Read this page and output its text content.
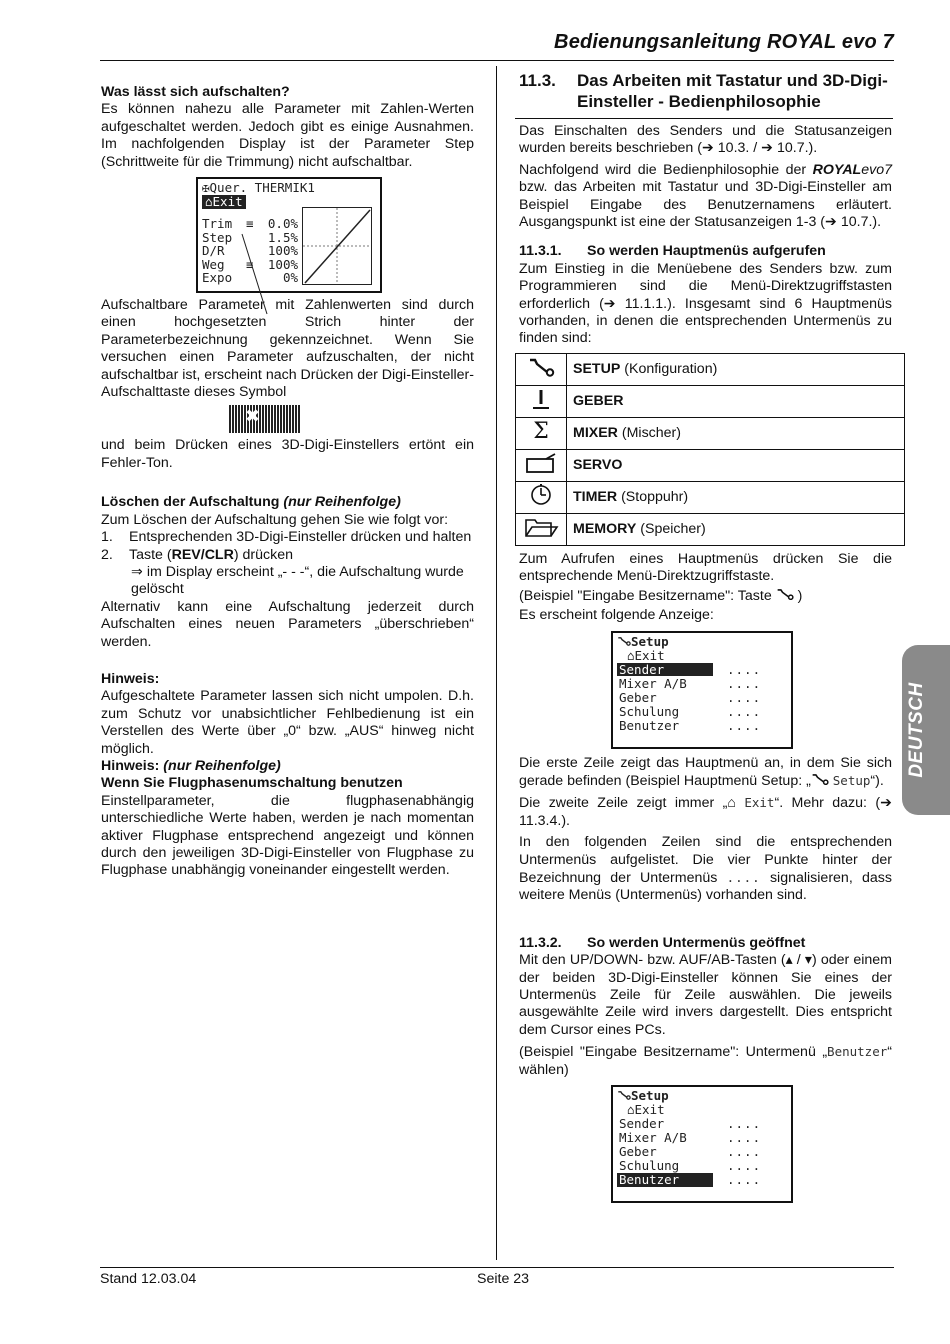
Bedienungsanleitung ROYAL evo 7
Stand 12.03.04	Seite 23
DEUTSCH

Was lässt sich aufschalten?

Es können nahezu alle Parameter mit Zahlen-Werten aufgeschaltet werden. Jedoch gibt es einige Ausnahmen. Im nachfolgenden Display ist der Parameter Step (Schrittweite für die Trimmung) nicht aufschaltbar.

✠Quer. THERMIK1
⌂Exit
Trim	≡	0.0%
Step	1.5%
D/R	100%
Weg	≡	100%
Expo	0%

Aufschaltbare Parameter mit Zahlenwerten sind durch einen hochgesetzten Strich hinter der Parameterbezeichnung gekennzeichnet. Wenn Sie versuchen einen Parameter aufzuschalten, der nicht aufschaltbar ist, erscheint nach Drücken der Digi-Einsteller-Aufschalttaste dieses Symbol

✖

und beim Drücken eines 3D-Digi-Einstellers ertönt ein Fehler-Ton.

Löschen der Aufschaltung (nur Reihenfolge)

Zum Löschen der Aufschaltung gehen Sie wie folgt vor:

1.	Entsprechenden 3D-Digi-Einsteller drücken und halten
2.	Taste (REV/CLR) drücken

⇒ im Display erscheint „- - -“, die Aufschaltung wurde gelöscht

Alternativ kann eine Aufschaltung jederzeit durch Aufschalten eines neuen Parameters „überschrieben“ werden.

Hinweis:

Aufgeschaltete Parameter lassen sich nicht umpolen. D.h. zum Schutz vor unabsichtlicher Fehlbedienung ist ein Verstellen des Werte über „0“ bzw. „AUS“ hinweg nicht möglich.

Hinweis: (nur Reihenfolge)

Wenn Sie Flugphasenumschaltung benutzen

Einstellparameter, die flugphasenabhängig unterschiedliche Werte haben, werden je nach momentan aktiver Flugphase entsprechend angezeigt und können durch den jeweiligen 3D-Digi-Einsteller von Flugphase zu Flugphase unabhängig voneinander eingestellt werden.

11.3.	Das Arbeiten mit Tastatur und 3D-Digi-Einsteller - Bedienphilosophie

Das Einschalten des Senders und die Statusanzeigen wurden bereits beschrieben (➔ 10.3. / ➔ 10.7.).

Nachfolgend wird die Bedienphilosophie der ROYALevo7 bzw. das Arbeiten mit Tastatur und 3D-Digi-Einsteller am Beispiel Eingabe des Benutzernamens erläutert. Ausgangspunkt ist eine der Statusanzeigen 1-3 (➔ 10.7.).

11.3.1.	So werden Hauptmenüs aufgerufen

Zum Einstieg in die Menüebene des Senders bzw. zum Programmieren sind die Menü-Direktzugriffstasten erforderlich (➔ 11.1.1.). Insgesamt sind 6 Hauptmenüs vorhanden, in denen die entsprechenden Untermenüs zu finden sind:

	SETUP (Konfiguration)
	GEBER
Σ	MIXER (Mischer)
	SERVO
	TIMER (Stoppuhr)
	MEMORY (Speicher)

Zum Aufrufen eines Hauptmenüs drücken Sie die entsprechende Menü-Direktzugriffstaste.

(Beispiel "Eingabe Besitzername": Taste  )

Es erscheint folgende Anzeige:

Setup
⌂Exit
Sender	....
Mixer A/B	....
Geber	....
Schulung	....
Benutzer	....

Die erste Zeile zeigt das Hauptmenü an, in dem Sie sich gerade befinden (Beispiel Hauptmenü Setup: „ Setup“).

Die zweite Zeile zeigt immer „⌂ Exit“. Mehr dazu: (➔ 11.3.4.).

In den folgenden Zeilen sind die entsprechenden Untermenüs aufgelistet. Die vier Punkte hinter der Bezeichnung der Untermenüs .... signalisieren, dass weitere Menüs (Untermenüs) vorhanden sind.

11.3.2.	So werden Untermenüs geöffnet

Mit den UP/DOWN- bzw. AUF/AB-Tasten (▴ / ▾) oder einem der beiden 3D-Digi-Einsteller können Sie eines der Untermenüs Zeile für Zeile auswählen. Die jeweils ausgewählte Zeile wird invers dargestellt. Dies entspricht dem Cursor eines PCs.

(Beispiel "Eingabe Besitzername": Untermenü „Benutzer“ wählen)

Setup
⌂Exit
Sender	....
Mixer A/B	....
Geber	....
Schulung	....
Benutzer	....
